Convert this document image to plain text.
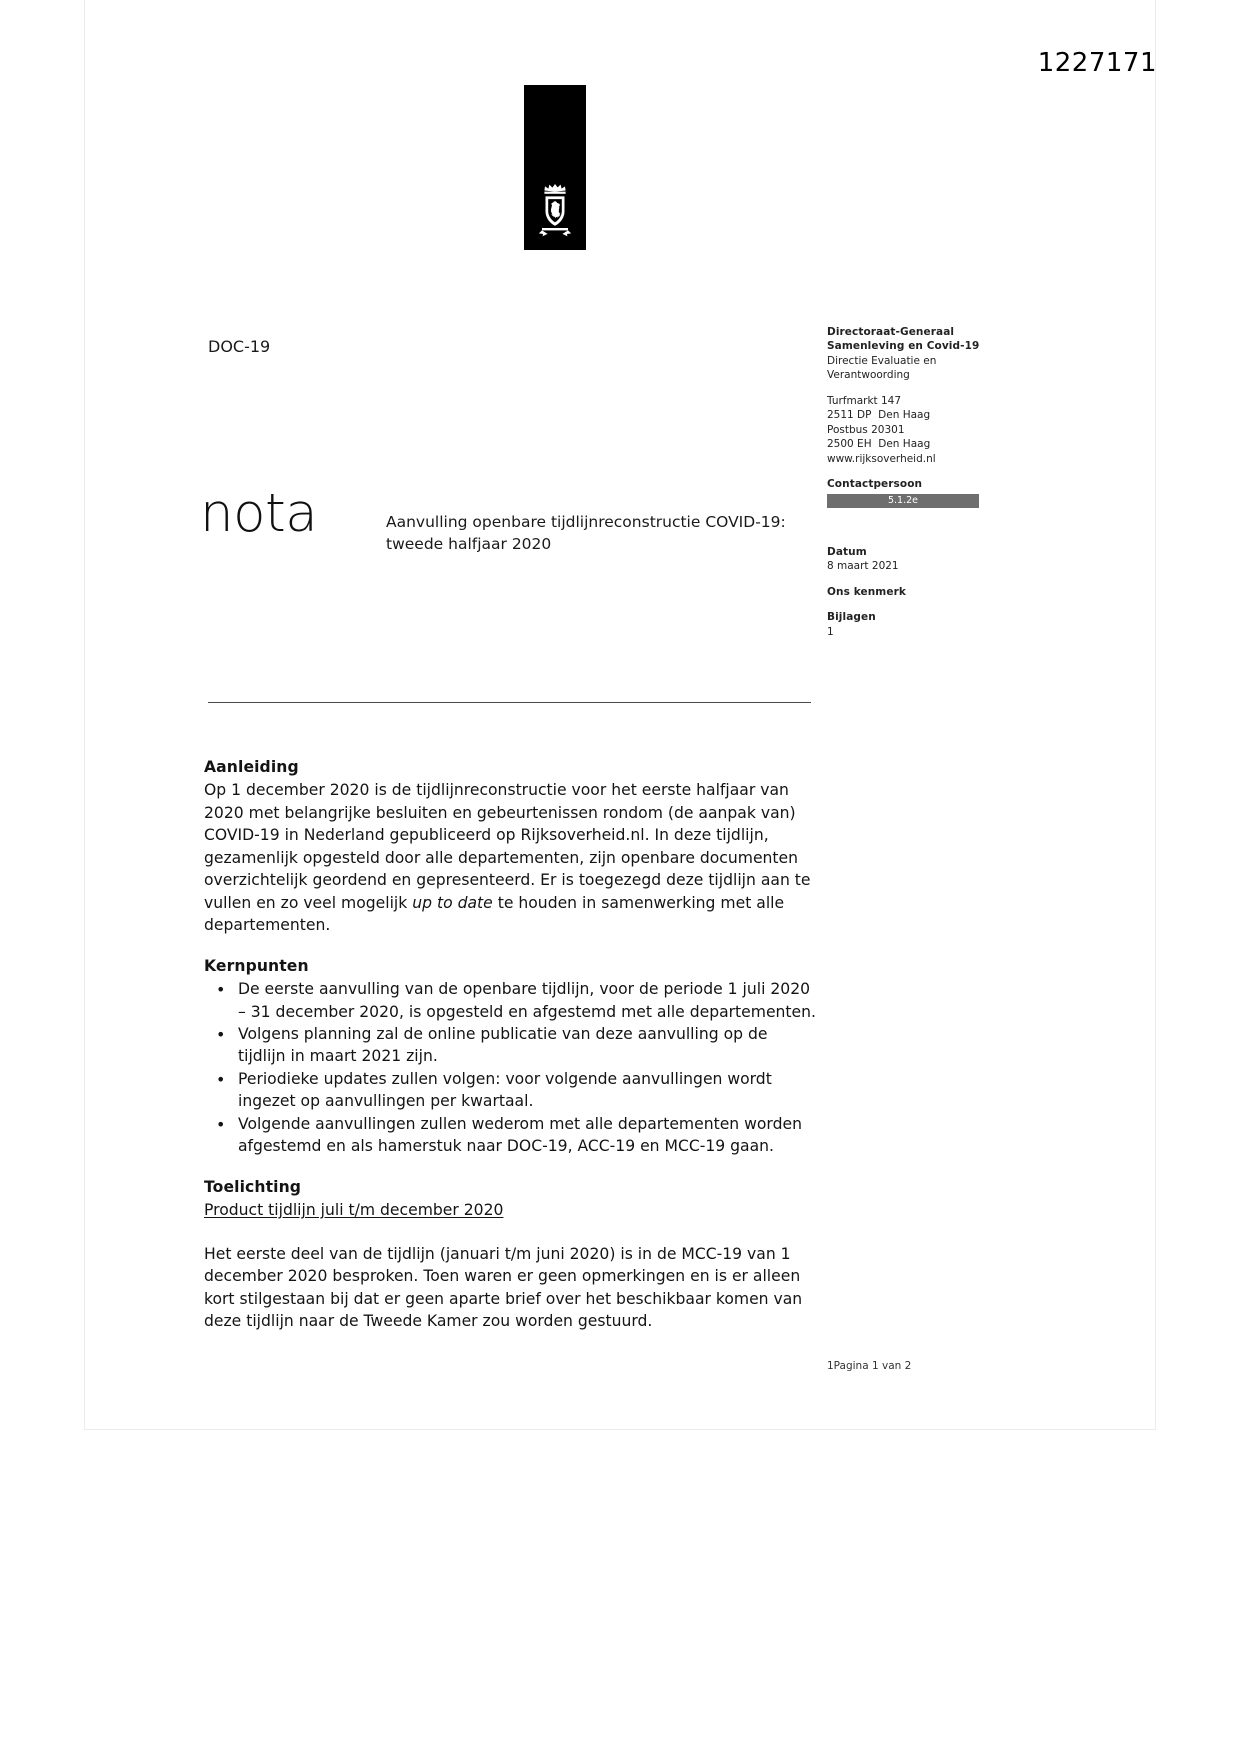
1227171
DOC-19
Directoraat-Generaal
Samenleving en Covid-19
Directie Evaluatie en
Verantwoording
Turfmarkt 147
2511 DP  Den Haag
Postbus 20301
2500 EH  Den Haag
www.rijksoverheid.nl
Contactpersoon
5.1.2e
Datum
8 maart 2021
Ons kenmerk
Bijlagen
1
nota	Aanvulling openbare tijdlijnreconstructie COVID-19:
tweede halfjaar 2020
Aanleiding

Op 1 december 2020 is de tijdlijnreconstructie voor het eerste halfjaar van 2020 met belangrijke besluiten en gebeurtenissen rondom (de aanpak van) COVID-19 in Nederland gepubliceerd op Rijksoverheid.nl. In deze tijdlijn, gezamenlijk opgesteld door alle departementen, zijn openbare documenten overzichtelijk geordend en gepresenteerd. Er is toegezegd deze tijdlijn aan te vullen en zo veel mogelijk up to date te houden in samenwerking met alle departementen.

Kernpunten
• De eerste aanvulling van de openbare tijdlijn, voor de periode 1 juli 2020 – 31 december 2020, is opgesteld en afgestemd met alle departementen.
• Volgens planning zal de online publicatie van deze aanvulling op de tijdlijn in maart 2021 zijn.
• Periodieke updates zullen volgen: voor volgende aanvullingen wordt ingezet op aanvullingen per kwartaal.
• Volgende aanvullingen zullen wederom met alle departementen worden afgestemd en als hamerstuk naar DOC-19, ACC-19 en MCC-19 gaan.
Toelichting

Product tijdlijn juli t/m december 2020

Het eerste deel van de tijdlijn (januari t/m juni 2020) is in de MCC-19 van 1 december 2020 besproken. Toen waren er geen opmerkingen en is er alleen kort stilgestaan bij dat er geen aparte brief over het beschikbaar komen van deze tijdlijn naar de Tweede Kamer zou worden gestuurd.

1Pagina 1 van 2
